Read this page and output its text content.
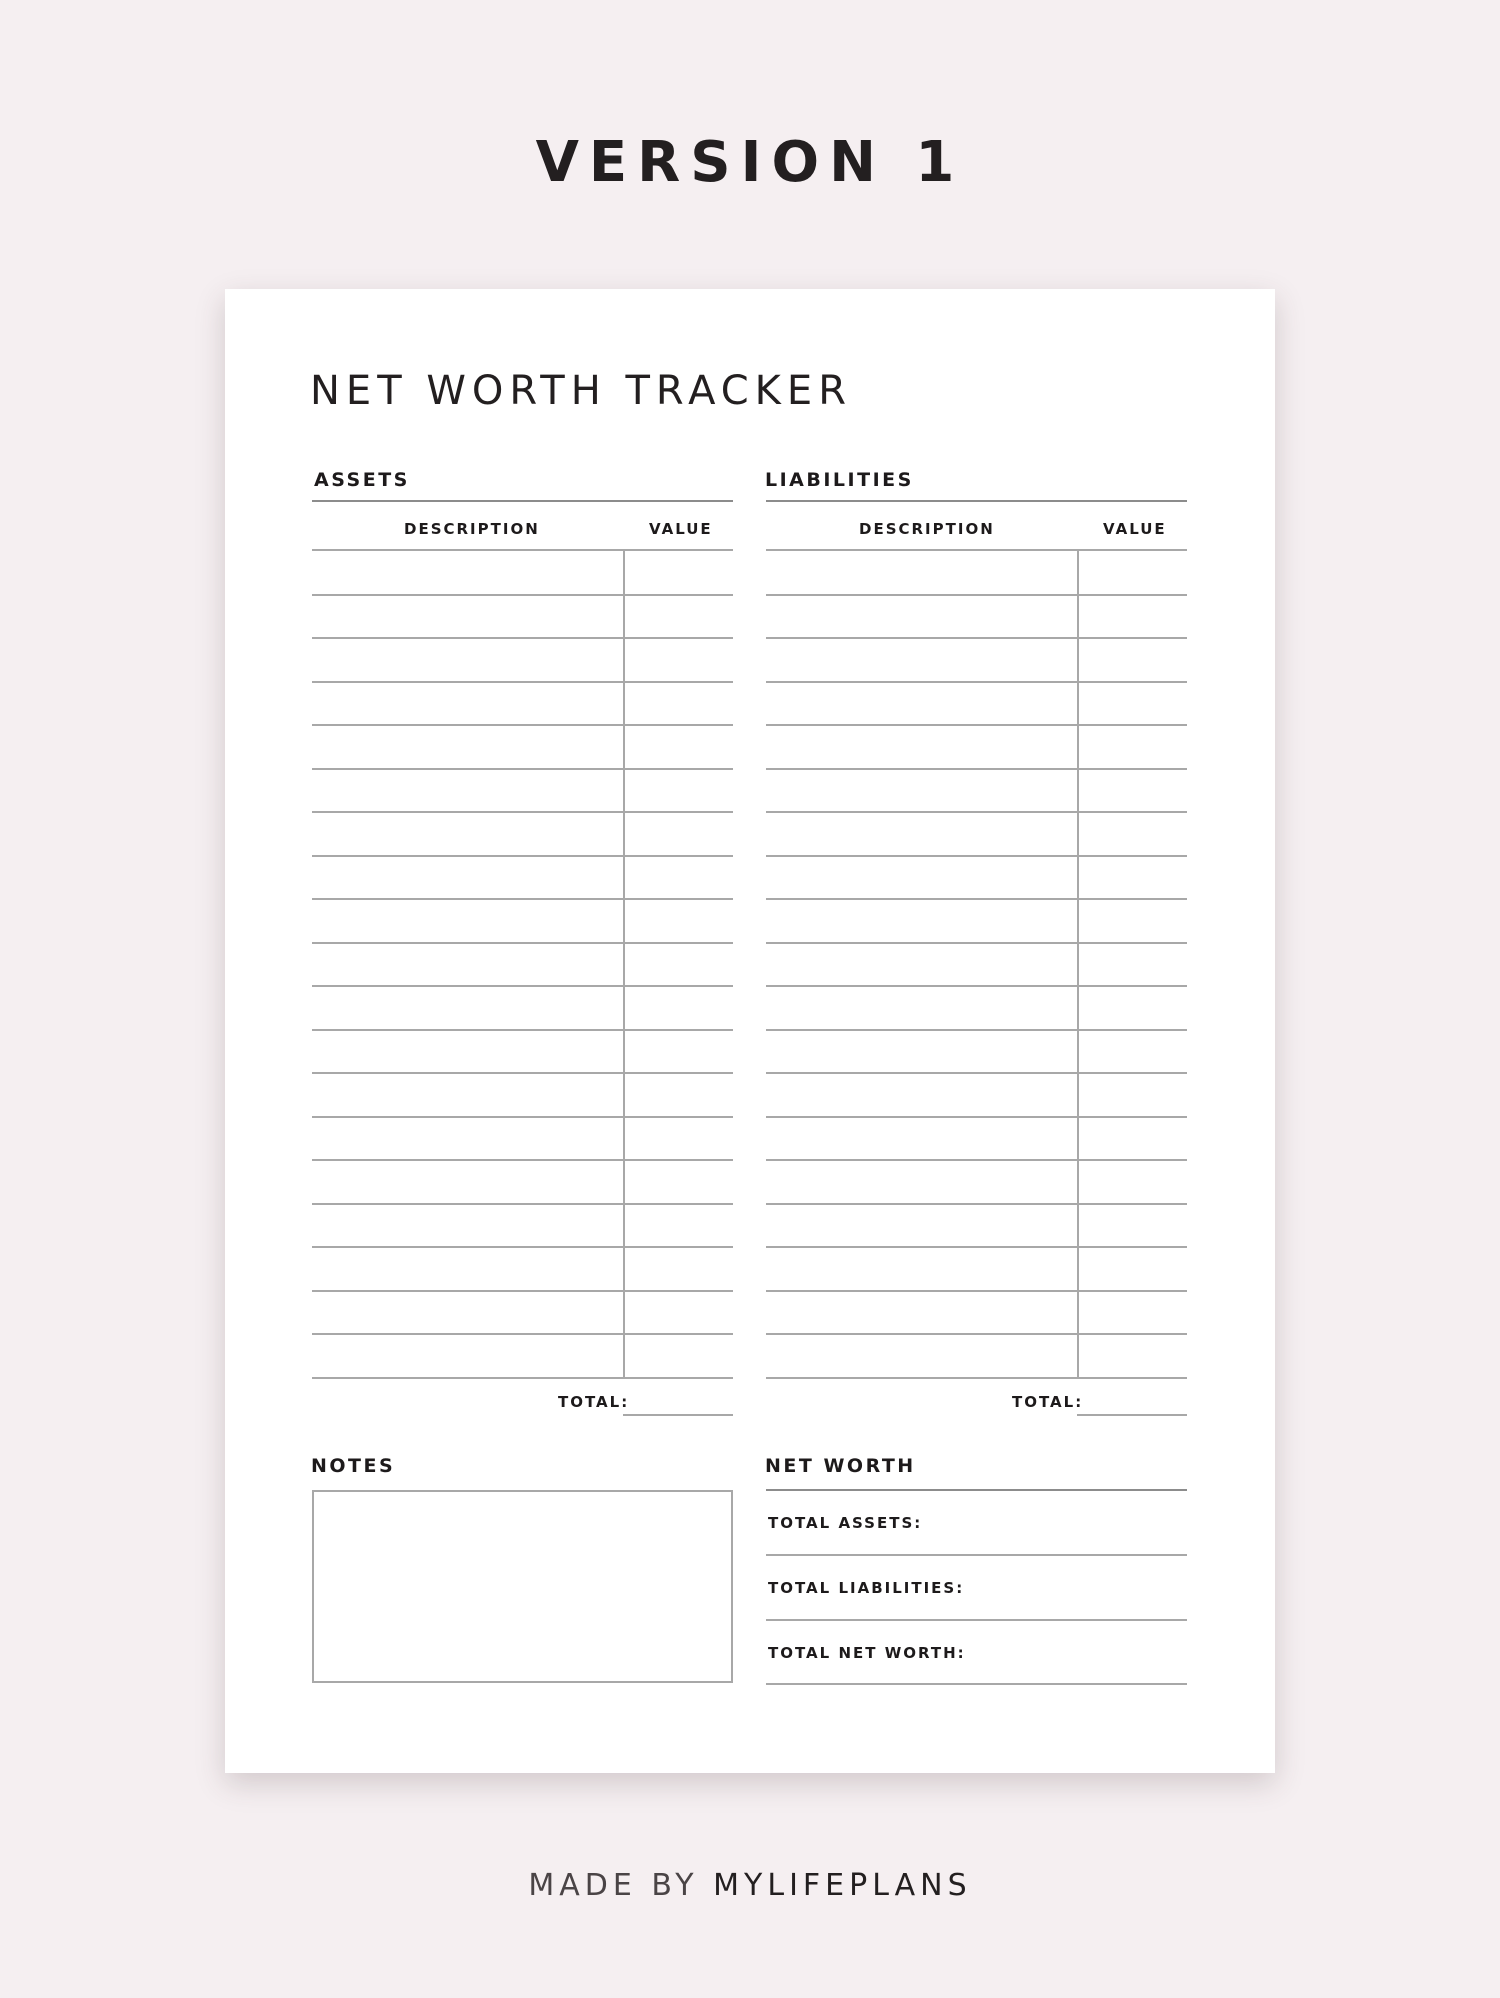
VERSION 1
NET WORTH TRACKER
ASSETS
DESCRIPTION	VALUE
TOTAL:
LIABILITIES
DESCRIPTION	VALUE
TOTAL:
NOTES	NET WORTH
TOTAL ASSETS:
TOTAL LIABILITIES:
TOTAL NET WORTH:
MADE BY MYLIFEPLANS
